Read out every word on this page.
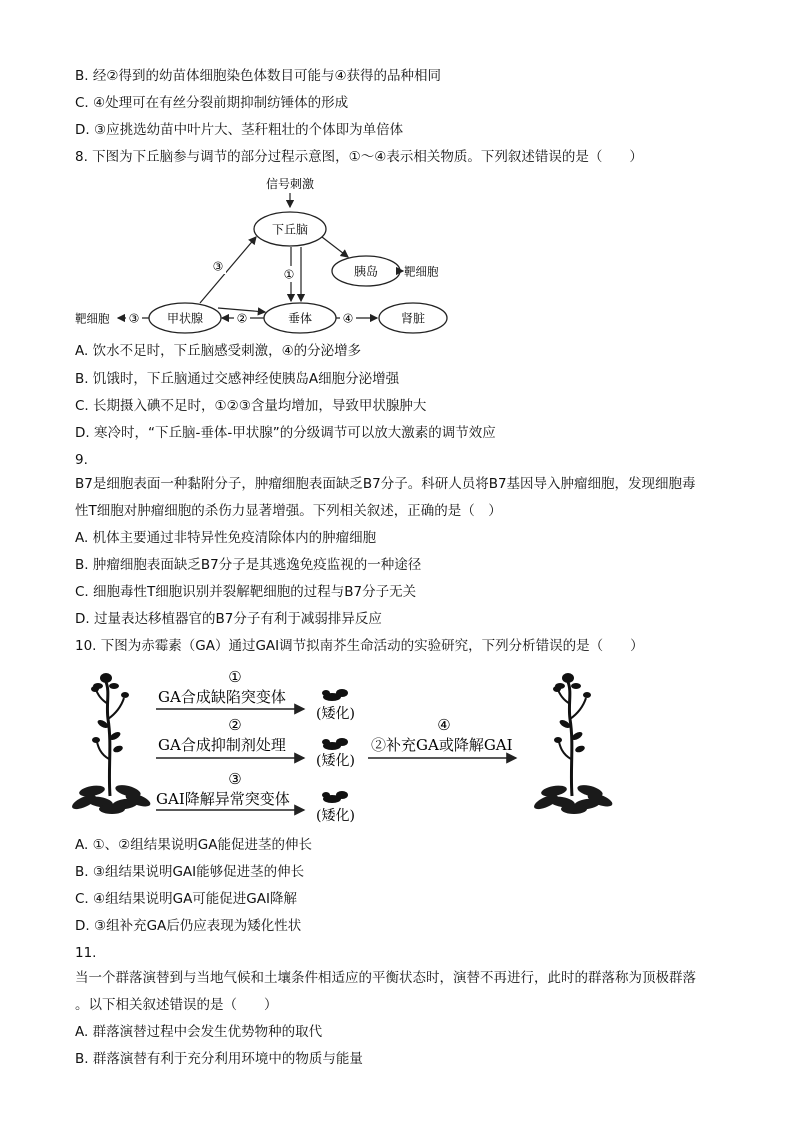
B. 经②得到的幼苗体细胞染色体数目可能与④获得的品种相同
C. ④处理可在有丝分裂前期抑制纺锤体的形成
D. ③应挑选幼苗中叶片大、茎秆粗壮的个体即为单倍体
8. 下图为下丘脑参与调节的部分过程示意图，①～④表示相关物质。下列叙述错误的是（　　）
信号刺激
下丘脑
胰岛 靶细胞
垂体
①
甲状腺	②
③
③
靶细胞	肾脏
④
A. 饮水不足时，下丘脑感受刺激，④的分泌增多
B. 饥饿时，下丘脑通过交感神经使胰岛A细胞分泌增强
C. 长期摄入碘不足时，①②③含量均增加，导致甲状腺肿大
D. 寒冷时，“下丘脑-垂体-甲状腺”的分级调节可以放大激素的调节效应
9.
B7是细胞表面一种黏附分子，肿瘤细胞表面缺乏B7分子。科研人员将B7基因导入肿瘤细胞，发现细胞毒
性T细胞对肿瘤细胞的杀伤力显著增强。下列相关叙述，正确的是（　）
A. 机体主要通过非特异性免疫清除体内的肿瘤细胞
B. 肿瘤细胞表面缺乏B7分子是其逃逸免疫监视的一种途径
C. 细胞毒性T细胞识别并裂解靶细胞的过程与B7分子无关
D. 过量表达移植器官的B7分子有利于减弱排异反应
10. 下图为赤霉素（GA）通过GAI调节拟南芥生命活动的实验研究，下列分析错误的是（　　）
①
GA合成缺陷突变体
(矮化)
②
GA合成抑制剂处理
(矮化)
③
GAI降解异常突变体
(矮化)
④
②补充GA或降解GAI
A. ①、②组结果说明GA能促进茎的伸长
B. ③组结果说明GAI能够促进茎的伸长
C. ④组结果说明GA可能促进GAI降解
D. ③组补充GA后仍应表现为矮化性状
11.
当一个群落演替到与当地气候和土壤条件相适应的平衡状态时，演替不再进行，此时的群落称为顶极群落
。以下相关叙述错误的是（　　）
A. 群落演替过程中会发生优势物种的取代
B. 群落演替有利于充分利用环境中的物质与能量
